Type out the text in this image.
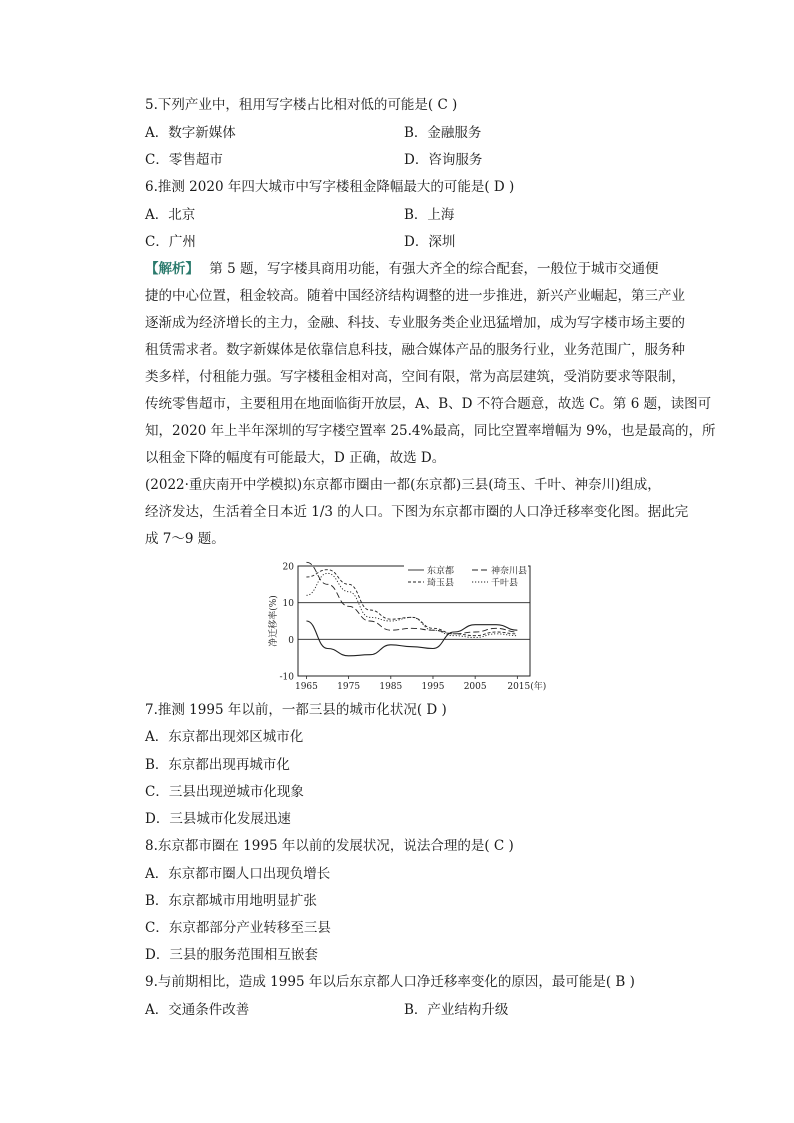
5.下列产业中，租用写字楼占比相对低的可能是( C )
A．数字新媒体	B．金融服务
C．零售超市	D．咨询服务
6.推测 2020 年四大城市中写字楼租金降幅最大的可能是( D )
A．北京	B．上海
C．广州	D．深圳
【解析】 第 5 题，写字楼具商用功能，有强大齐全的综合配套，一般位于城市交通便
捷的中心位置，租金较高。随着中国经济结构调整的进一步推进，新兴产业崛起，第三产业
逐渐成为经济增长的主力，金融、科技、专业服务类企业迅猛增加，成为写字楼市场主要的
租赁需求者。数字新媒体是依靠信息科技，融合媒体产品的服务行业，业务范围广，服务种
类多样，付租能力强。写字楼租金相对高，空间有限，常为高层建筑，受消防要求等限制，
传统零售超市，主要租用在地面临街开放层，A、B、D 不符合题意，故选 C。第 6 题，读图可
知，2020 年上半年深圳的写字楼空置率 25.4%最高，同比空置率增幅为 9%，也是最高的，所
以租金下降的幅度有可能最大，D 正确，故选 D。
(2022·重庆南开中学模拟)东京都市圈由一都(东京都)三县(琦玉、千叶、神奈川)组成，
经济发达，生活着全日本近 1/3 的人口。下图为东京都市圈的人口净迁移率变化图。据此完
成 7～9 题。
-10
0
10
20
1965 1975 1985 1995 2005 2015(年)
净迁移率(%)
东京都	神奈川县
琦玉县	千叶县
7.推测 1995 年以前，一都三县的城市化状况( D )
A．东京都出现郊区城市化
B．东京都出现再城市化
C．三县出现逆城市化现象
D．三县城市化发展迅速
8.东京都市圈在 1995 年以前的发展状况，说法合理的是( C )
A．东京都市圈人口出现负增长
B．东京都城市用地明显扩张
C．东京都部分产业转移至三县
D．三县的服务范围相互嵌套
9.与前期相比，造成 1995 年以后东京都人口净迁移率变化的原因，最可能是( B )
A．交通条件改善	B．产业结构升级
